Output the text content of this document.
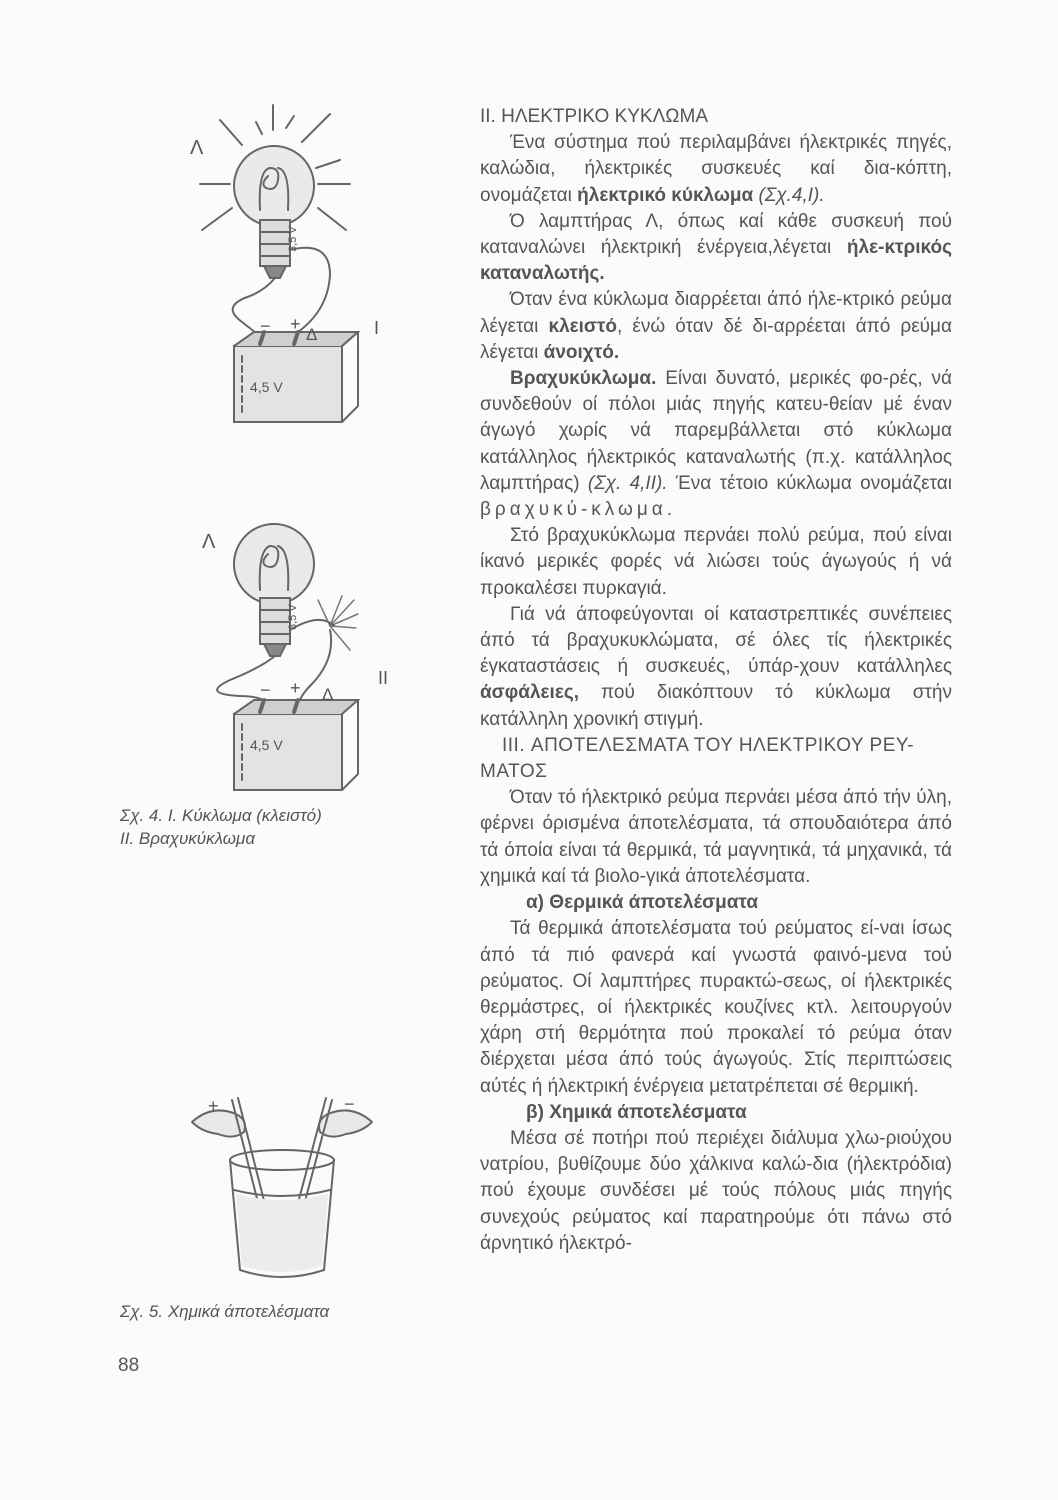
Λ
3,5 V
4,5 V
− +
Δ	I
Λ
3,5 V
4,5 V
− + Δ
II
Σχ. 4. Ι. Κύκλωμα (κλειστό)
ΙΙ. Βραχυκύκλωμα
+	−
Σχ. 5. Χημικά άποτελέσματα
88

II. ΗΛΕΚΤΡΙΚΟ ΚΥΚΛΩΜΑ

Ένα σύστημα πού περιλαμβάνει ήλεκτρικές πηγές, καλώδια, ήλεκτρικές συσκευές καί δια-κόπτη, ονομάζεται ήλεκτρικό κύκλωμα (Σχ.4,Ι).

Ό λαμπτήρας Λ, όπως καί κάθε συσκευή πού καταναλώνει ήλεκτρική ένέργεια,λέγεται ήλε-κτρικός καταναλωτής.

Όταν ένα κύκλωμα διαρρέεται άπό ήλε-κτρικό ρεύμα λέγεται κλειστό, ένώ όταν δέ δι-αρρέεται άπό ρεύμα λέγεται άνοιχτό.

Βραχυκύκλωμα. Είναι δυνατό, μερικές φο-ρές, νά συνδεθούν οί πόλοι μιάς πηγής κατευ-θείαν μέ έναν άγωγό χωρίς νά παρεμβάλλεται στό κύκλωμα κατάλληλος ήλεκτρικός καταναλωτής (π.χ. κατάλληλος λαμπτήρας) (Σχ. 4,ΙΙ). Ένα τέτοιο κύκλωμα ονομάζεται βραχυκύ-κλωμα.

Στό βραχυκύκλωμα περνάει πολύ ρεύμα, πού είναι ίκανό μερικές φορές νά λιώσει τούς άγωγούς ή νά προκαλέσει πυρκαγιά.

Γιά νά άποφεύγονται οί καταστρεπτικές συνέπειες άπό τά βραχυκυκλώματα, σέ όλες τίς ήλεκτρικές έγκαταστάσεις ή συσκευές, ύπάρ-χουν κατάλληλες άσφάλειες, πού διακόπτουν τό κύκλωμα στήν κατάλληλη χρονική στιγμή.

III. ΑΠΟΤΕΛΕΣΜΑΤΑ ΤΟΥ ΗΛΕΚΤΡΙΚΟΥ ΡΕΥ-

ΜΑΤΟΣ

Όταν τό ήλεκτρικό ρεύμα περνάει μέσα άπό τήν ύλη, φέρνει όρισμένα άποτελέσματα, τά σπουδαιότερα άπό τά όποία είναι τά θερμικά, τά μαγνητικά, τά μηχανικά, τά χημικά καί τά βιολο-γικά άποτελέσματα.

α) Θερμικά άποτελέσματα

Τά θερμικά άποτελέσματα τού ρεύματος εί-ναι ίσως άπό τά πιό φανερά καί γνωστά φαινό-μενα τού ρεύματος. Οί λαμπτήρες πυρακτώ-σεως, οί ήλεκτρικές θερμάστρες, οί ήλεκτρικές κουζίνες κτλ. λειτουργούν χάρη στή θερμότητα πού προκαλεί τό ρεύμα όταν διέρχεται μέσα άπό τούς άγωγούς. Στίς περιπτώσεις αύτές ή ήλεκτρική ένέργεια μετατρέπεται σέ θερμική.

β) Χημικά άποτελέσματα

Μέσα σέ ποτήρι πού περιέχει διάλυμα χλω-ριούχου νατρίου, βυθίζουμε δύο χάλκινα καλώ-δια (ήλεκτρόδια) πού έχουμε συνδέσει μέ τούς πόλους μιάς πηγής συνεχούς ρεύματος καί παρατηρούμε ότι πάνω στό άρνητικό ήλεκτρό-
